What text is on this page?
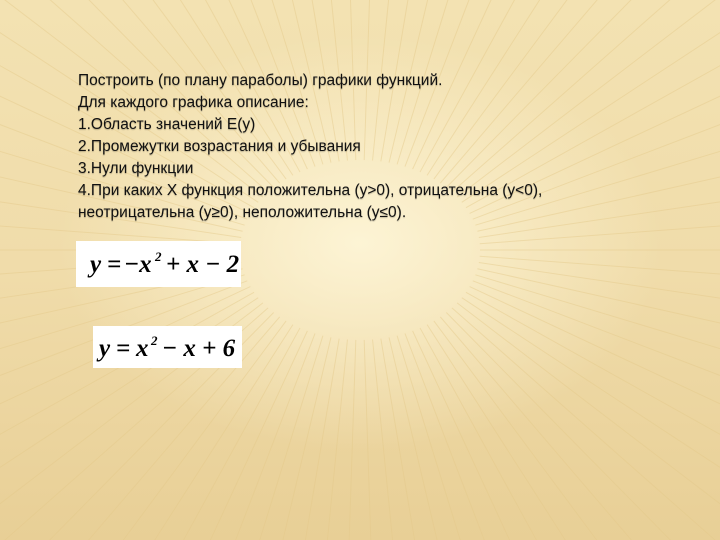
Построить (по плану параболы) графики функций.
Для каждого графика описание:
1.Область значений E(y)
2.Промежутки возрастания и убывания
3.Нули функции
4.При каких X функция положительна (y>0), отрицательна (y<0),
неотрицательна (y≥0), неположительна (y≤0).
y = −x 2 + x − 2
y = x 2 − x + 6
